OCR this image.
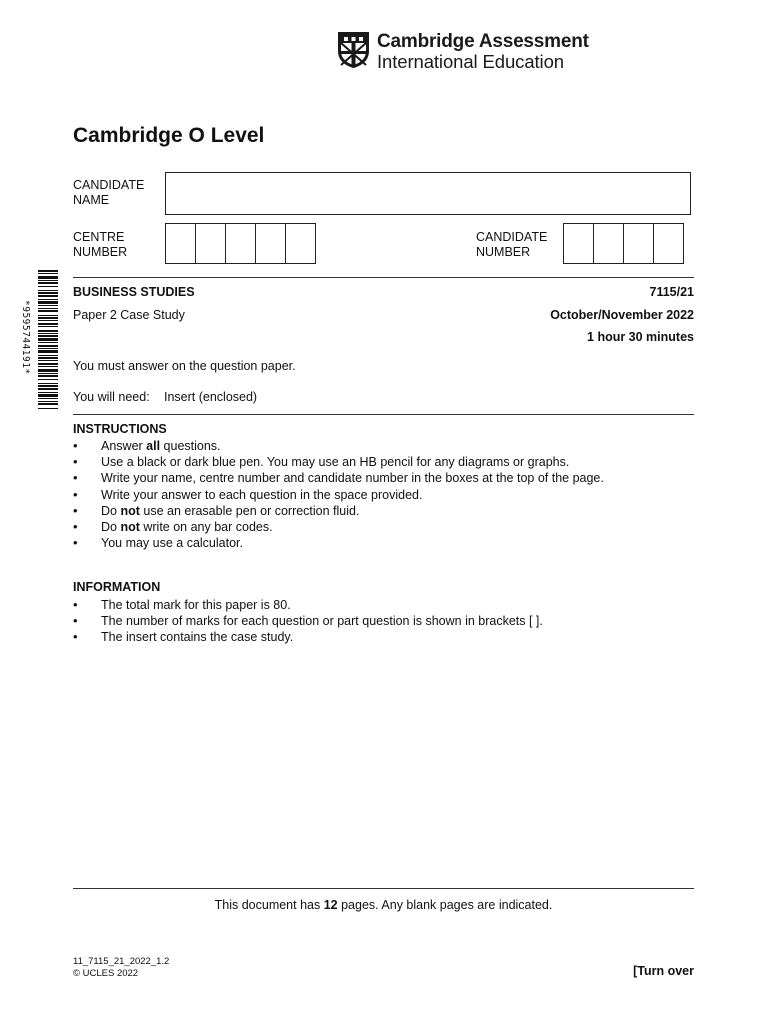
Cambridge Assessment
International Education
Cambridge O Level
CANDIDATE
NAME
CENTRE
NUMBER
CANDIDATE
NUMBER
*9595744191*
BUSINESS STUDIES	7115/21
Paper 2 Case Study	October/November 2022
1 hour 30 minutes
You must answer on the question paper.
You will need: Insert (enclosed)
INSTRUCTIONS
• Answer all questions.
• Use a black or dark blue pen. You may use an HB pencil for any diagrams or graphs.
• Write your name, centre number and candidate number in the boxes at the top of the page.
• Write your answer to each question in the space provided.
• Do not use an erasable pen or correction fluid.
• Do not write on any bar codes.
• You may use a calculator.
INFORMATION
• The total mark for this paper is 80.
• The number of marks for each question or part question is shown in brackets [ ].
• The insert contains the case study.
This document has 12 pages. Any blank pages are indicated.
11_7115_21_2022_1.2
© UCLES 2022	[Turn over
